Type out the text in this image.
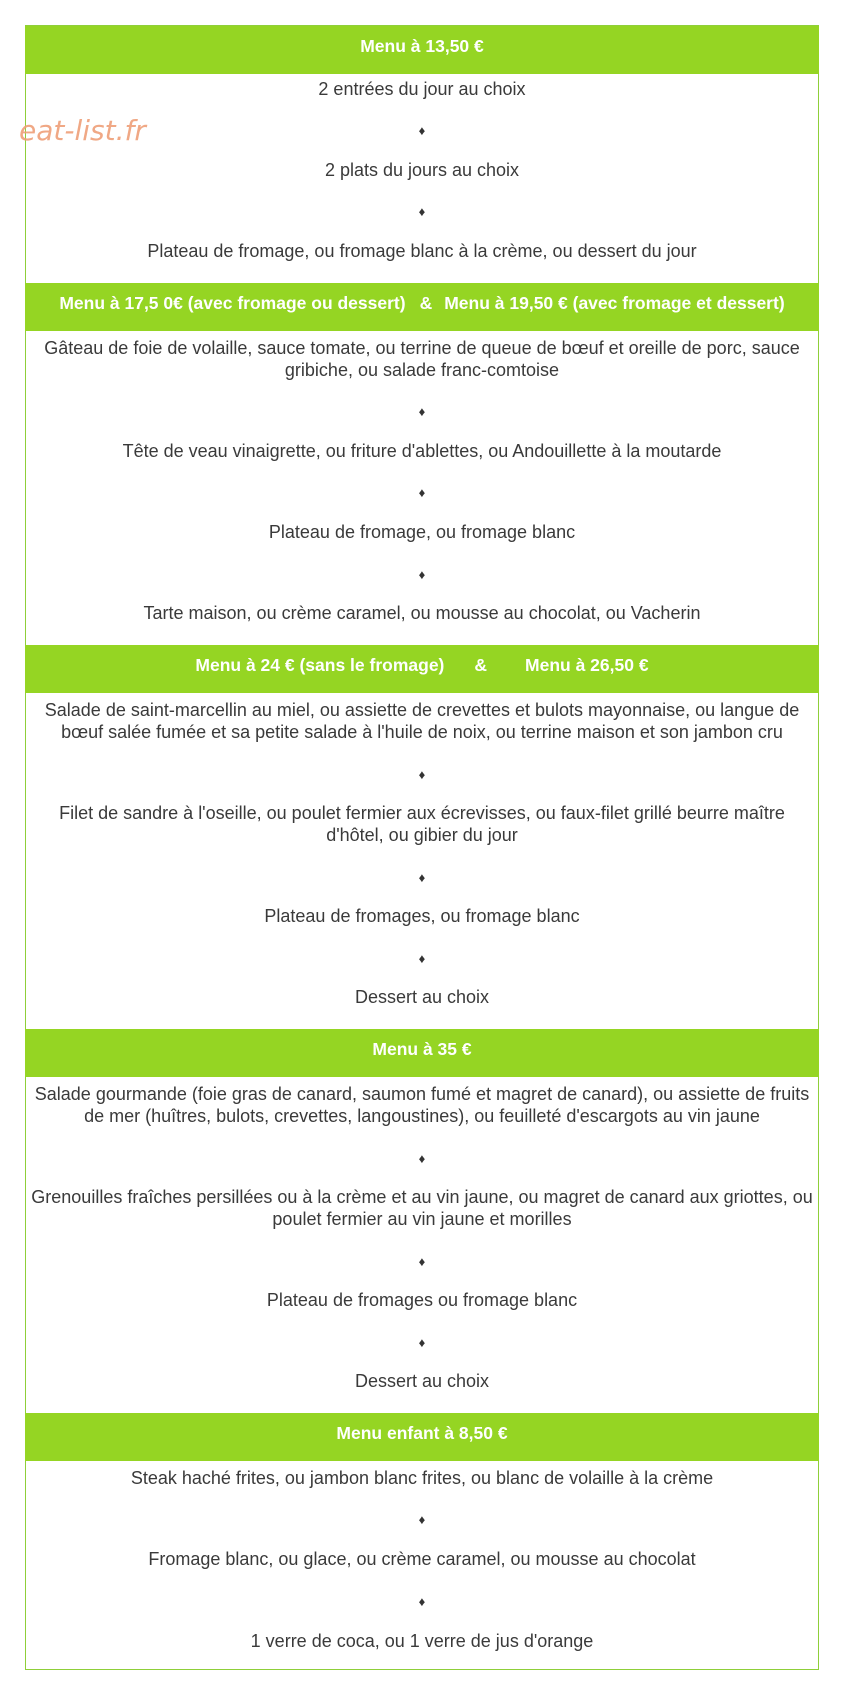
eat-list.fr
Menu à 13,50 €
2 entrées du jour au choix
♦
2 plats du jours au choix
♦
Plateau de fromage, ou fromage blanc à la crème, ou dessert du jour
Menu à 17,5 0€ (avec fromage ou dessert) & Menu à 19,50 € (avec fromage et dessert)
Gâteau de foie de volaille, sauce tomate, ou terrine de queue de bœuf et oreille de porc, sauce gribiche, ou salade franc-comtoise
♦
Tête de veau vinaigrette, ou friture d'ablettes, ou Andouillette à la moutarde
♦
Plateau de fromage, ou fromage blanc
♦
Tarte maison, ou crème caramel, ou mousse au chocolat, ou Vacherin
Menu à 24 € (sans le fromage) & Menu à 26,50 €
Salade de saint-marcellin au miel, ou assiette de crevettes et bulots mayonnaise, ou langue de bœuf salée fumée et sa petite salade à l'huile de noix, ou terrine maison et son jambon cru
♦
Filet de sandre à l'oseille, ou poulet fermier aux écrevisses, ou faux-filet grillé beurre maître d'hôtel, ou gibier du jour
♦
Plateau de fromages, ou fromage blanc
♦
Dessert au choix
Menu à 35 €
Salade gourmande (foie gras de canard, saumon fumé et magret de canard), ou assiette de fruits de mer (huîtres, bulots, crevettes, langoustines), ou feuilleté d'escargots au vin jaune
♦
Grenouilles fraîches persillées ou à la crème et au vin jaune, ou magret de canard aux griottes, ou poulet fermier au vin jaune et morilles
♦
Plateau de fromages ou fromage blanc
♦
Dessert au choix
Menu enfant à 8,50 €
Steak haché frites, ou jambon blanc frites, ou blanc de volaille à la crème
♦
Fromage blanc, ou glace, ou crème caramel, ou mousse au chocolat
♦
1 verre de coca, ou 1 verre de jus d'orange
